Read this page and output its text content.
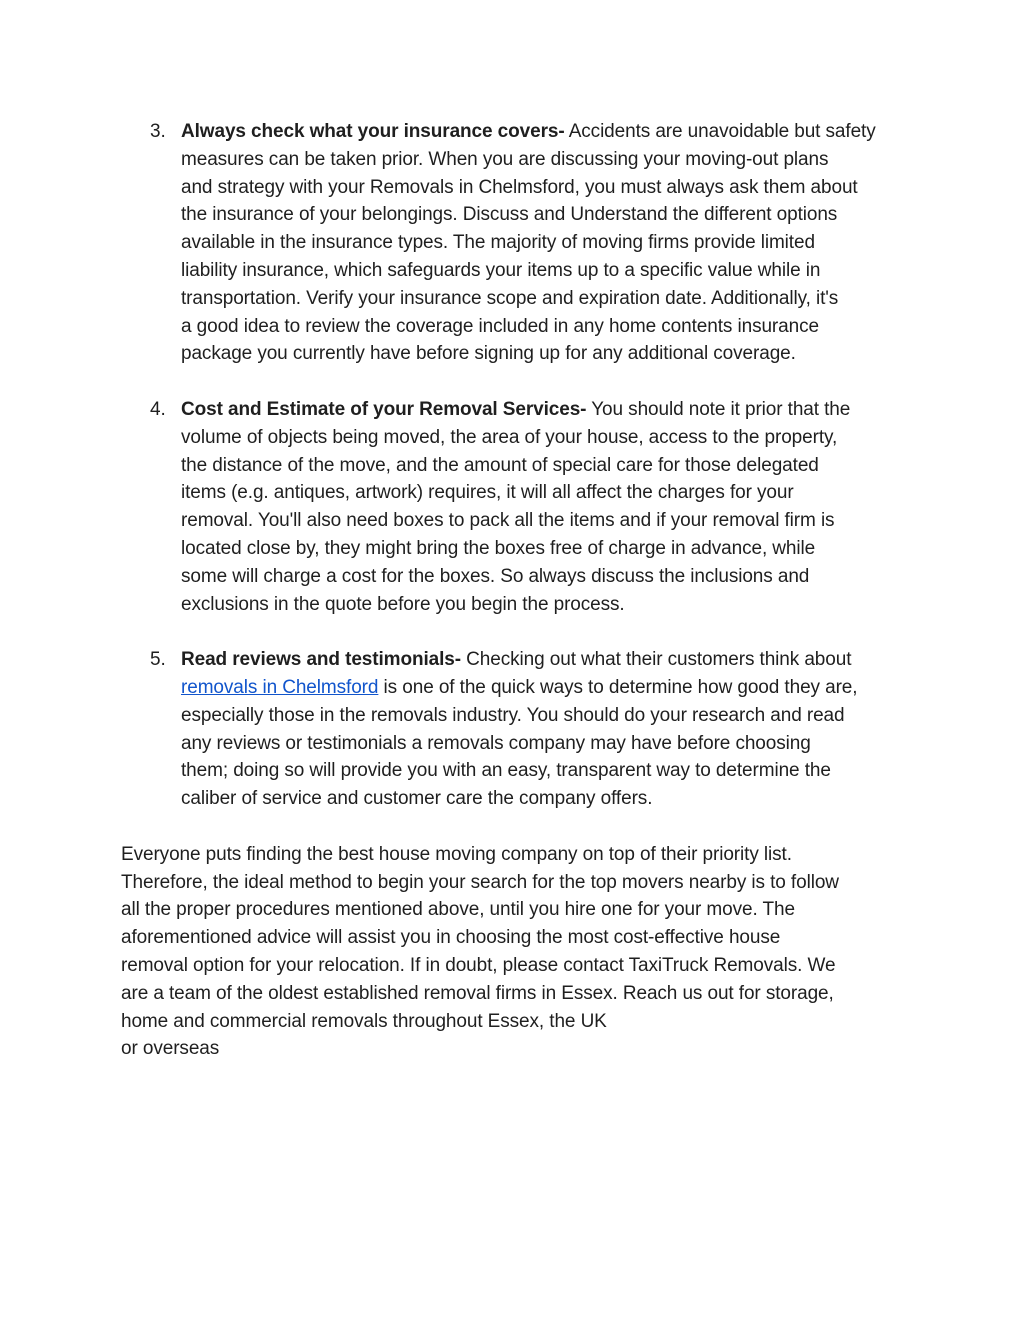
3. Always check what your insurance covers- Accidents are unavoidable but safety
measures can be taken prior. When you are discussing your moving-out plans
and strategy with your Removals in Chelmsford, you must always ask them about
the insurance of your belongings. Discuss and Understand the different options
available in the insurance types. The majority of moving firms provide limited
liability insurance, which safeguards your items up to a specific value while in
transportation. Verify your insurance scope and expiration date. Additionally, it's
a good idea to review the coverage included in any home contents insurance
package you currently have before signing up for any additional coverage.
4. Cost and Estimate of your Removal Services- You should note it prior that the
volume of objects being moved, the area of your house, access to the property,
the distance of the move, and the amount of special care for those delegated
items (e.g. antiques, artwork) requires, it will all affect the charges for your
removal. You'll also need boxes to pack all the items and if your removal firm is
located close by, they might bring the boxes free of charge in advance, while
some will charge a cost for the boxes. So always discuss the inclusions and
exclusions in the quote before you begin the process.
5. Read reviews and testimonials- Checking out what their customers think about
removals in Chelmsford is one of the quick ways to determine how good they are,
especially those in the removals industry. You should do your research and read
any reviews or testimonials a removals company may have before choosing
them; doing so will provide you with an easy, transparent way to determine the
caliber of service and customer care the company offers.

Everyone puts finding the best house moving company on top of their priority list.
Therefore, the ideal method to begin your search for the top movers nearby is to follow
all the proper procedures mentioned above, until you hire one for your move. The
aforementioned advice will assist you in choosing the most cost-effective house
removal option for your relocation. If in doubt, please contact TaxiTruck Removals. We
are a team of the oldest established removal firms in Essex. Reach us out for storage,
home and commercial removals throughout Essex, the UK
or overseas
